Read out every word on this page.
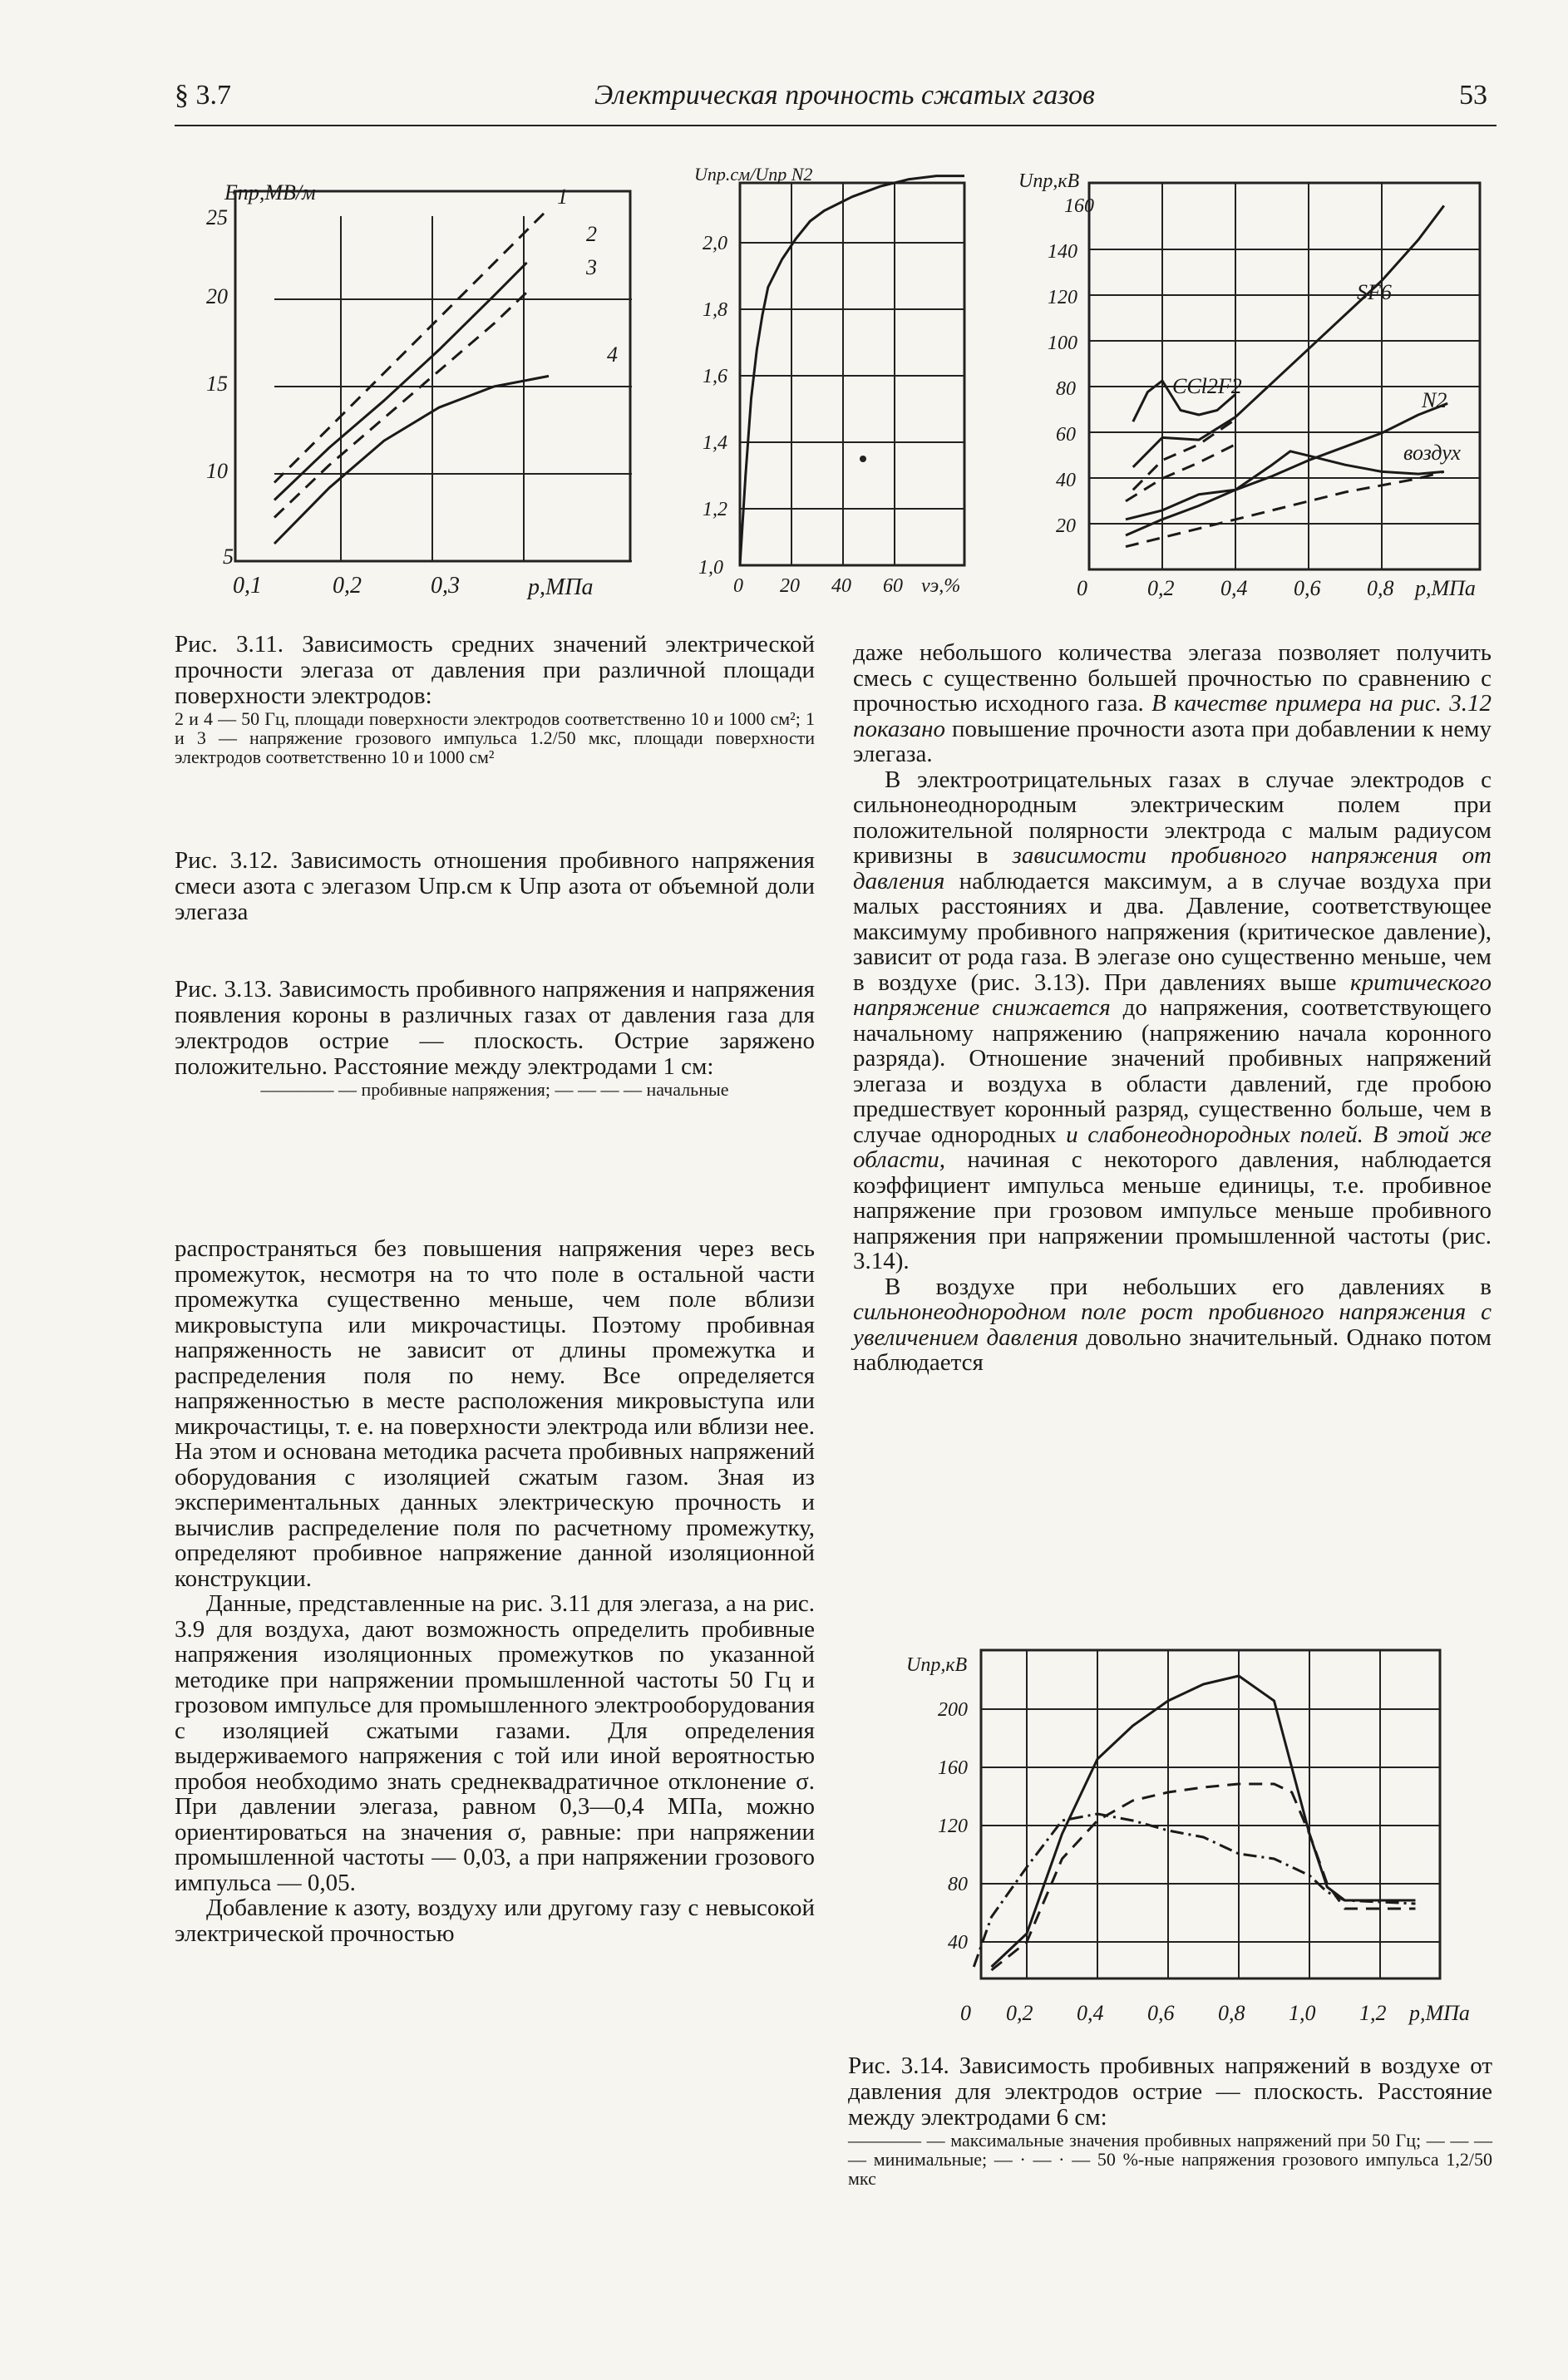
§ 3.7	Электрическая прочность сжатых газов	53
Eпр,МВ/м
p,МПа
5
10
15
20
25
0,1	0,2	0,3
1
2
3
4
Uпр.см/Uпр N2
1,0
1,2
1,4
1,6
1,8
2,0
0 20 40 60 vэ,%
Uпр,кВ
20
40
60
80
100
120
140
160
0	0,2 0,4 0,6 0,8 p,МПа
SF6
CCl2F2
N2
воздух

Рис. 3.11. Зависимость средних значений электрической прочности элегаза от давления при различной площади поверхности электродов:

2 и 4 — 50 Гц, площади поверхности электродов соответственно 10 и 1000 см²; 1 и 3 — напряжение грозового импульса 1.2/50 мкс, площади поверхности электродов соответственно 10 и 1000 см²

Рис. 3.12. Зависимость отношения пробивного напряжения смеси азота с элегазом Uпр.см к Uпр азота от объемной доли элегаза

Рис. 3.13. Зависимость пробивного напряжения и напряжения появления короны в различных газах от давления газа для электродов острие — плоскость. Острие заряжено положительно. Расстояние между электродами 1 см:

———— — пробивные напряжения; — — — — начальные

распространяться без повышения напряжения через весь промежуток, несмотря на то что поле в остальной части промежутка существенно меньше, чем поле вблизи микровыступа или микрочастицы. Поэтому пробивная напряженность не зависит от длины промежутка и распределения поля по нему. Все определяется напряженностью в месте расположения микровыступа или микрочастицы, т. е. на поверхности электрода или вблизи нее. На этом и основана методика расчета пробивных напряжений оборудования с изоляцией сжатым газом. Зная из экспериментальных данных электрическую прочность и вычислив распределение поля по расчетному промежутку, определяют пробивное напряжение данной изоляционной конструкции.

Данные, представленные на рис. 3.11 для элегаза, а на рис. 3.9 для воздуха, дают возможность определить пробивные напряжения изоляционных промежутков по указанной методике при напряжении промышленной частоты 50 Гц и грозовом импульсе для промышленного электрооборудования с изоляцией сжатыми газами. Для определения выдерживаемого напряжения с той или иной вероятностью пробоя необходимо знать среднеквадратичное отклонение σ. При давлении элегаза, равном 0,3—0,4 МПа, можно ориентироваться на значения σ, равные: при напряжении промышленной частоты — 0,03, а при напряжении грозового импульса — 0,05.

Добавление к азоту, воздуху или другому газу с невысокой электрической прочностью

даже небольшого количества элегаза позволяет получить смесь с существенно большей прочностью по сравнению с прочностью исходного газа. В качестве примера на рис. 3.12 показано повышение прочности азота при добавлении к нему элегаза.

В электроотрицательных газах в случае электродов с сильнонеоднородным электрическим полем при положительной полярности электрода с малым радиусом кривизны в зависимости пробивного напряжения от давления наблюдается максимум, а в случае воздуха при малых расстояниях и два. Давление, соответствующее максимуму пробивного напряжения (критическое давление), зависит от рода газа. В элегазе оно существенно меньше, чем в воздухе (рис. 3.13). При давлениях выше критического напряжение снижается до напряжения, соответствующего начальному напряжению (напряжению начала коронного разряда). Отношение значений пробивных напряжений элегаза и воздуха в области давлений, где пробою предшествует коронный разряд, существенно больше, чем в случае однородных и слабонеоднородных полей. В этой же области, начиная с некоторого давления, наблюдается коэффициент импульса меньше единицы, т.е. пробивное напряжение при грозовом импульсе меньше пробивного напряжения при напряжении промышленной частоты (рис. 3.14).

В воздухе при небольших его давлениях в сильнонеоднородном поле рост пробивного напряжения с увеличением давления довольно значительный. Однако потом наблюдается

Uпр,кВ
40
80
120
160
200
0 0,2 0,4 0,6 0,8 1,0 1,2 p,МПа

Рис. 3.14. Зависимость пробивных напряжений в воздухе от давления для электродов острие — плоскость. Расстояние между электродами 6 см:

———— — максимальные значения пробивных напряжений при 50 Гц; — — — — минимальные; — · — · — 50 %-ные напряжения грозового импульса 1,2/50 мкс
